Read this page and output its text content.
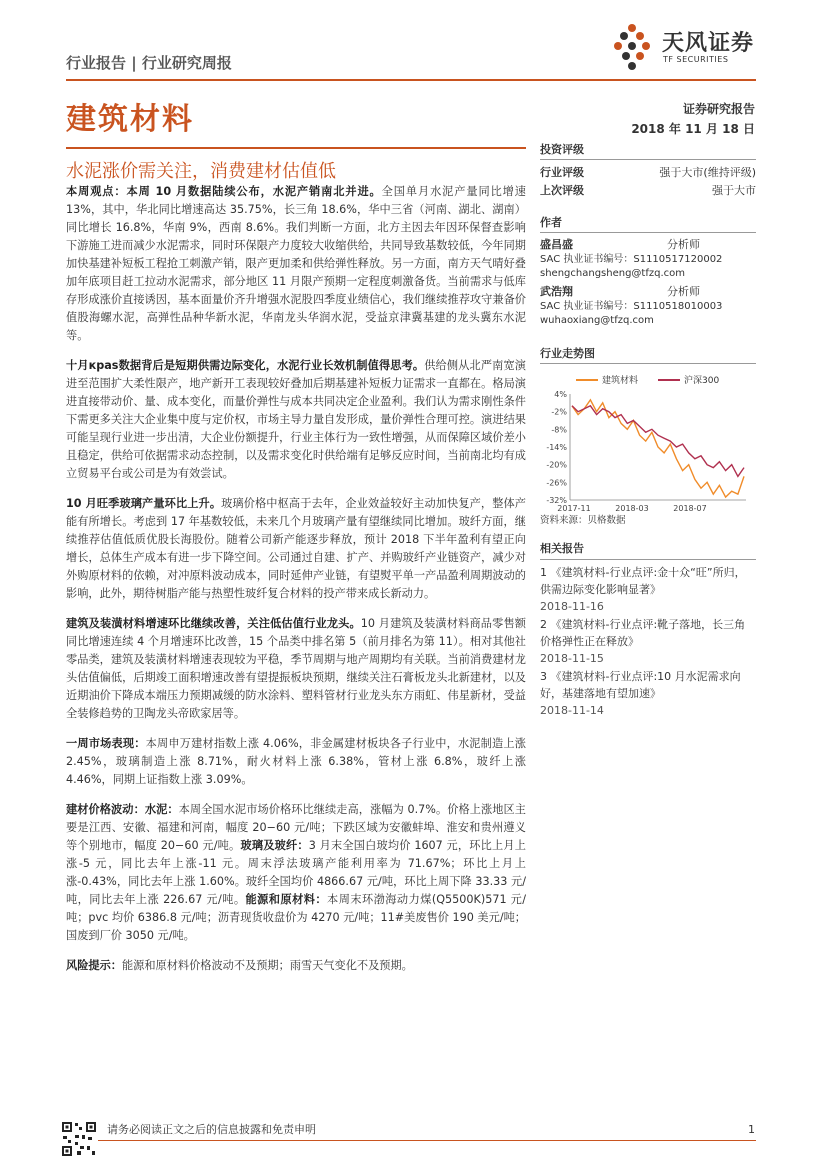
行业报告 | 行业研究周报
天风证券
TF SECURITIES
建筑材料	证券研究报告
2018 年 11 月 18 日
水泥涨价需关注，消费建材估值低

本周观点：本周 10 月数据陆续公布，水泥产销南北并进。全国单月水泥产量同比增速 13%，其中，华北同比增速高达 35.75%，长三角 18.6%，华中三省（河南、湖北、湖南）同比增长 16.8%，华南 9%，西南 8.6%。我们判断一方面，北方主因去年因环保督查影响下游施工进而减少水泥需求，同时环保限产力度较大收缩供给，共同导致基数较低，今年同期加快基建补短板工程抢工刺激产销，限产更加柔和供给弹性释放。另一方面，南方天气晴好叠加年底项目赶工拉动水泥需求，部分地区 11 月限产预期一定程度刺激备货。当前需求与低库存形成涨价直接诱因，基本面量价齐升增强水泥股四季度业绩信心，我们继续推荐攻守兼备价值股海螺水泥，高弹性品种华新水泥，华南龙头华润水泥，受益京津冀基建的龙头冀东水泥等。

十月краs数据背后是短期供需边际变化，水泥行业长效机制值得思考。供给侧从北严南宽演进至范围扩大柔性限产，地产新开工表现较好叠加后期基建补短板力证需求一直都在。格局演进直接带动价、量、成本变化，而量价弹性与成本共同决定企业盈利。我们认为需求刚性条件下需更多关注大企业集中度与定价权，市场主导力量自发形成，量价弹性合理可控。演进结果可能呈现行业进一步出清，大企业份额提升，行业主体行为一致性增强，从而保障区域价差小且稳定，供给可依据需求动态控制，以及需求变化时供给端有足够反应时间，当前南北均有成立贸易平台或公司是为有效尝试。

10 月旺季玻璃产量环比上升。玻璃价格中枢高于去年，企业效益较好主动加快复产，整体产能有所增长。考虑到 17 年基数较低，未来几个月玻璃产量有望继续同比增加。玻纤方面，继续推荐估值低质优股长海股份。随着公司新产能逐步释放，预计 2018 下半年盈利有望正向增长，总体生产成本有进一步下降空间。公司通过自建、扩产、并购玻纤产业链资产，减少对外购原材料的依赖，对冲原料波动成本，同时延伸产业链，有望熨平单一产品盈利周期波动的影响，此外，期待树脂产能与热塑性玻纤复合材料的投产带来成长新动力。

建筑及装潢材料增速环比继续改善，关注低估值行业龙头。10 月建筑及装潢材料商品零售额同比增速连续 4 个月增速环比改善，15 个品类中排名第 5（前月排名为第 11）。相对其他社零品类，建筑及装潢材料增速表现较为平稳，季节周期与地产周期均有关联。当前消费建材龙头估值偏低，后期竣工面积增速改善有望提振板块预期，继续关注石膏板龙头北新建材，以及近期油价下降成本端压力预期减缓的防水涂料、塑料管材行业龙头东方雨虹、伟星新材，受益全装修趋势的卫陶龙头帝欧家居等。

一周市场表现：本周申万建材指数上涨 4.06%，非金属建材板块各子行业中，水泥制造上涨 2.45%，玻璃制造上涨 8.71%，耐火材料上涨 6.38%，管材上涨 6.8%，玻纤上涨 4.46%，同期上证指数上涨 3.09%。

建材价格波动：水泥：本周全国水泥市场价格环比继续走高，涨幅为 0.7%。价格上涨地区主要是江西、安徽、福建和河南，幅度 20−60 元/吨；下跌区域为安徽蚌埠、淮安和贵州遵义等个别地市，幅度 20−60 元/吨。玻璃及玻纤：3 月末全国白玻均价 1607 元，环比上月上涨-5 元，同比去年上涨-11 元。周末浮法玻璃产能利用率为 71.67%；环比上月上涨-0.43%，同比去年上涨 1.60%。玻纤全国均价 4866.67 元/吨，环比上周下降 33.33 元/吨，同比去年上涨 226.67 元/吨。能源和原材料：本周末环渤海动力煤(Q5500K)571 元/吨；pvc 均价 6386.8 元/吨；沥青现货收盘价为 4270 元/吨；11#美废售价 190 美元/吨；国废到厂价 3050 元/吨。

风险提示：能源和原材料价格波动不及预期；雨雪天气变化不及预期。

投资评级
行业评级	强于大市(维持评级)
上次评级	强于大市
作者
盛昌盛	分析师
SAC 执业证书编号：S1110517120002
shengchangsheng@tfzq.com
武浩翔	分析师
SAC 执业证书编号：S1110518010003
wuhaoxiang@tfzq.com
行业走势图
4%
-2%
-8%
-14%
-20%
-26%
-32%
2017-11	2018-03	2018-07
建筑材料	沪深300
资料来源：贝格数据
相关报告
1 《建筑材料-行业点评:金十众“旺”所归，供需边际变化影响显著》
2018-11-16
2 《建筑材料-行业点评:靴子落地，长三角价格弹性正在释放》
2018-11-15
3 《建筑材料-行业点评:10 月水泥需求向好，基建落地有望加速》
2018-11-14
请务必阅读正文之后的信息披露和免责申明	1
